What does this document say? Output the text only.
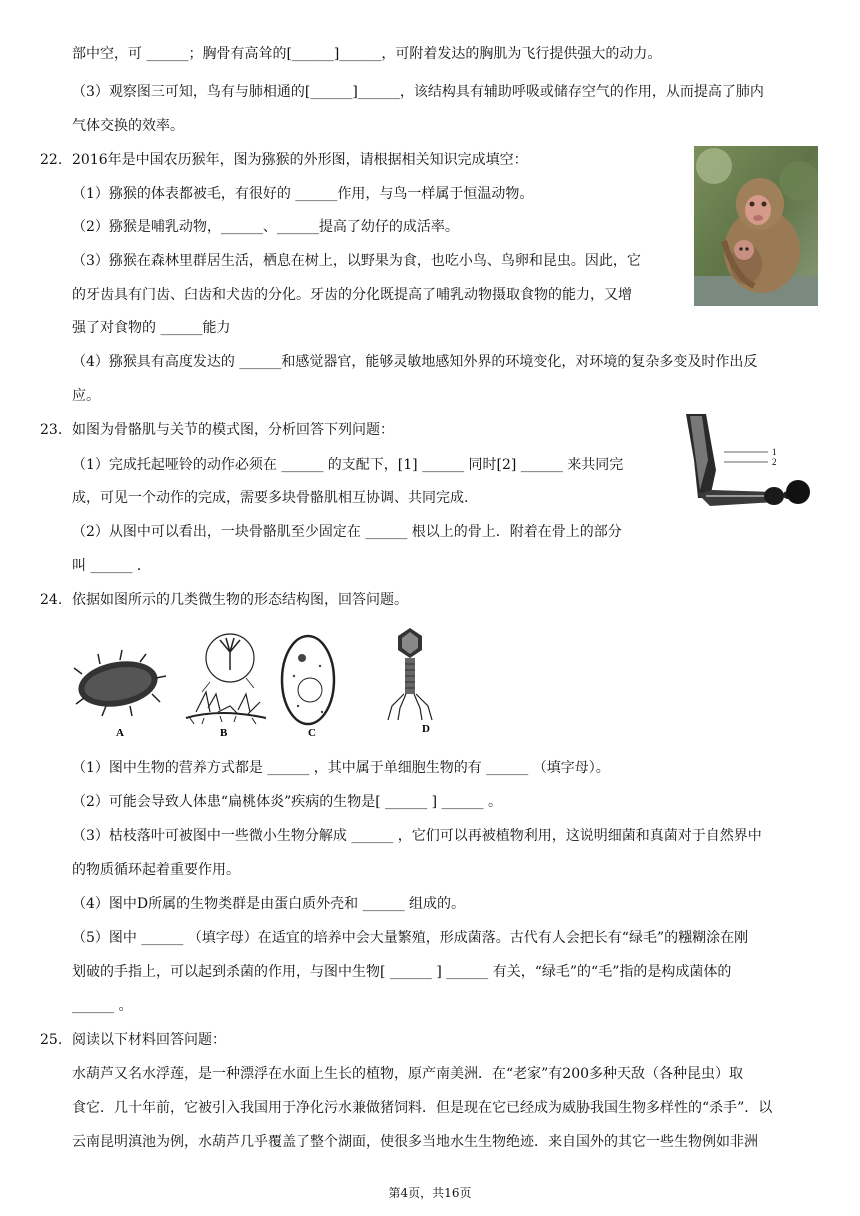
部中空，可 ______；胸骨有高耸的[______]______，可附着发达的胸肌为飞行提供强大的动力。
（3）观察图三可知，鸟有与肺相通的[______]______，该结构具有辅助呼吸或储存空气的作用，从而提高了肺内
气体交换的效率。
22. 2016年是中国农历猴年，图为猕猴的外形图，请根据相关知识完成填空：
（1）猕猴的体表都被毛，有很好的 ______作用，与鸟一样属于恒温动物。
（2）猕猴是哺乳动物，______、______提高了幼仔的成活率。
（3）猕猴在森林里群居生活，栖息在树上，以野果为食，也吃小鸟、鸟卵和昆虫。因此，它
的牙齿具有门齿、臼齿和犬齿的分化。牙齿的分化既提高了哺乳动物摄取食物的能力，又增
强了对食物的 ______能力
（4）猕猴具有高度发达的 ______和感觉器官，能够灵敏地感知外界的环境变化，对环境的复杂多变及时作出反
应。
23. 如图为骨骼肌与关节的模式图，分析回答下列问题：
（1）完成托起哑铃的动作必须在 ______ 的支配下，[1] ______ 同时[2] ______ 来共同完
成，可见一个动作的完成，需要多块骨骼肌相互协调、共同完成.
（2）从图中可以看出，一块骨骼肌至少固定在 ______ 根以上的骨上．附着在骨上的部分
叫 ______ ．
1
2
24. 依据如图所示的几类微生物的形态结构图，回答问题。
A	B	C	D
（1）图中生物的营养方式都是 ______ ，其中属于单细胞生物的有 ______ （填字母）。
（2）可能会导致人体患“扁桃体炎”疾病的生物是[ ______ ] ______ 。
（3）枯枝落叶可被图中一些微小生物分解成 ______ ，它们可以再被植物利用，这说明细菌和真菌对于自然界中
的物质循环起着重要作用。
（4）图中D所属的生物类群是由蛋白质外壳和 ______ 组成的。
（5）图中 ______ （填字母）在适宜的培养中会大量繁殖，形成菌落。古代有人会把长有“绿毛”的糨糊涂在刚
划破的手指上，可以起到杀菌的作用，与图中生物[ ______ ] ______ 有关，“绿毛”的“毛”指的是构成菌体的
______ 。
25. 阅读以下材料回答问题：
水葫芦又名水浮莲，是一种漂浮在水面上生长的植物，原产南美洲．在“老家”有200多种天敌（各种昆虫）取
食它．几十年前，它被引入我国用于净化污水兼做猪饲料．但是现在它已经成为威胁我国生物多样性的“杀手”．以
云南昆明滇池为例，水葫芦几乎覆盖了整个湖面，使很多当地水生生物绝迹．来自国外的其它一些生物例如非洲
第4页，共16页
